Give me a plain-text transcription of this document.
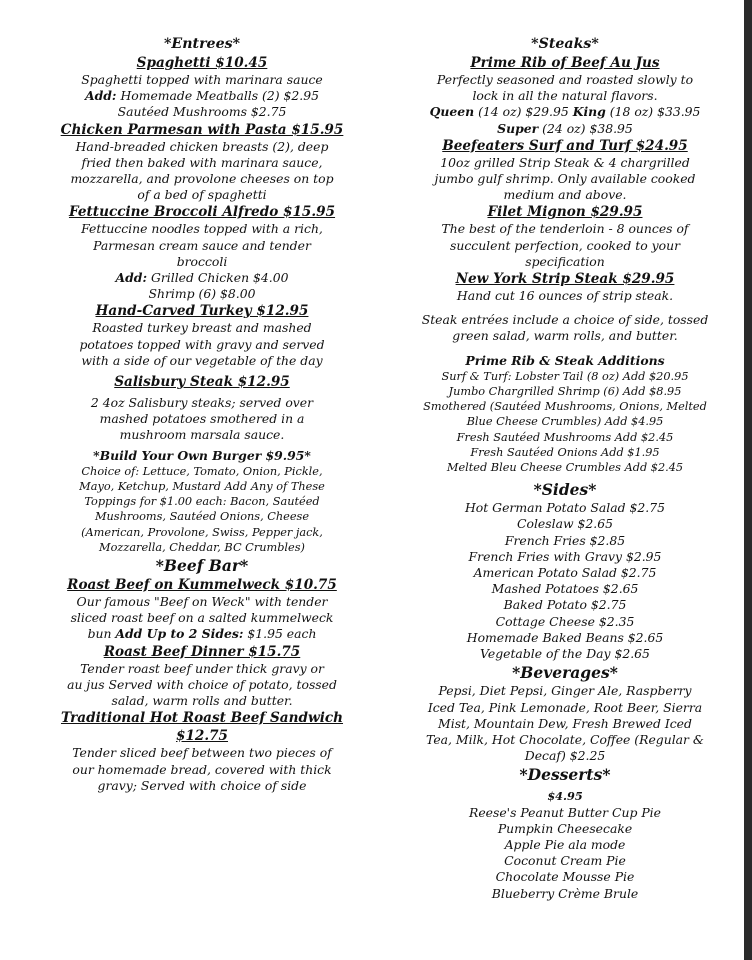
*Entrees*
Spaghetti $10.45
Spaghetti topped with marinara sauce
Add: Homemade Meatballs (2) $2.95
Sautéed Mushrooms $2.75
Chicken Parmesan with Pasta $15.95
Hand-breaded chicken breasts (2), deep
fried then baked with marinara sauce,
mozzarella, and provolone cheeses on top
of a bed of spaghetti
Fettuccine Broccoli Alfredo $15.95
Fettuccine noodles topped with a rich,
Parmesan cream sauce and tender
broccoli
Add: Grilled Chicken $4.00
Shrimp (6) $8.00
Hand-Carved Turkey $12.95
Roasted turkey breast and mashed
potatoes topped with gravy and served
with a side of our vegetable of the day
Salisbury Steak $12.95
2 4oz Salisbury steaks; served over
mashed potatoes smothered in a
mushroom marsala sauce.
*Build Your Own Burger $9.95*
Choice of: Lettuce, Tomato, Onion, Pickle,
Mayo, Ketchup, Mustard Add Any of These
Toppings for $1.00 each: Bacon, Sautéed
Mushrooms, Sautéed Onions, Cheese
(American, Provolone, Swiss, Pepper jack,
Mozzarella, Cheddar, BC Crumbles)
*Beef Bar*
Roast Beef on Kummelweck $10.75
Our famous "Beef on Weck" with tender
sliced roast beef on a salted kummelweck
bun Add Up to 2 Sides: $1.95 each
Roast Beef Dinner $15.75
Tender roast beef under thick gravy or
au jus Served with choice of potato, tossed
salad, warm rolls and butter.
Traditional Hot Roast Beef Sandwich
$12.75
Tender sliced beef between two pieces of
our homemade bread, covered with thick
gravy; Served with choice of side
*Steaks*
Prime Rib of Beef Au Jus
Perfectly seasoned and roasted slowly to
lock in all the natural flavors.
Queen (14 oz) $29.95 King (18 oz) $33.95
Super (24 oz) $38.95
Beefeaters Surf and Turf $24.95
10oz grilled Strip Steak & 4 chargrilled
jumbo gulf shrimp. Only available cooked
medium and above.
Filet Mignon $29.95
The best of the tenderloin - 8 ounces of
succulent perfection, cooked to your
specification
New York Strip Steak $29.95
Hand cut 16 ounces of strip steak.
Steak entrées include a choice of side, tossed
green salad, warm rolls, and butter.
Prime Rib & Steak Additions
Surf & Turf: Lobster Tail (8 oz) Add $20.95
Jumbo Chargrilled Shrimp (6) Add $8.95
Smothered (Sautéed Mushrooms, Onions, Melted
Blue Cheese Crumbles) Add $4.95
Fresh Sautéed Mushrooms Add $2.45
Fresh Sautéed Onions Add $1.95
Melted Bleu Cheese Crumbles Add $2.45
*Sides*
Hot German Potato Salad $2.75
Coleslaw $2.65
French Fries $2.85
French Fries with Gravy $2.95
American Potato Salad $2.75
Mashed Potatoes $2.65
Baked Potato $2.75
Cottage Cheese $2.35
Homemade Baked Beans $2.65
Vegetable of the Day $2.65
*Beverages*
Pepsi, Diet Pepsi, Ginger Ale, Raspberry
Iced Tea, Pink Lemonade, Root Beer, Sierra
Mist, Mountain Dew, Fresh Brewed Iced
Tea, Milk, Hot Chocolate, Coffee (Regular &
Decaf) $2.25
*Desserts*
$4.95
Reese's Peanut Butter Cup Pie
Pumpkin Cheesecake
Apple Pie ala mode
Coconut Cream Pie
Chocolate Mousse Pie
Blueberry Crème Brule
